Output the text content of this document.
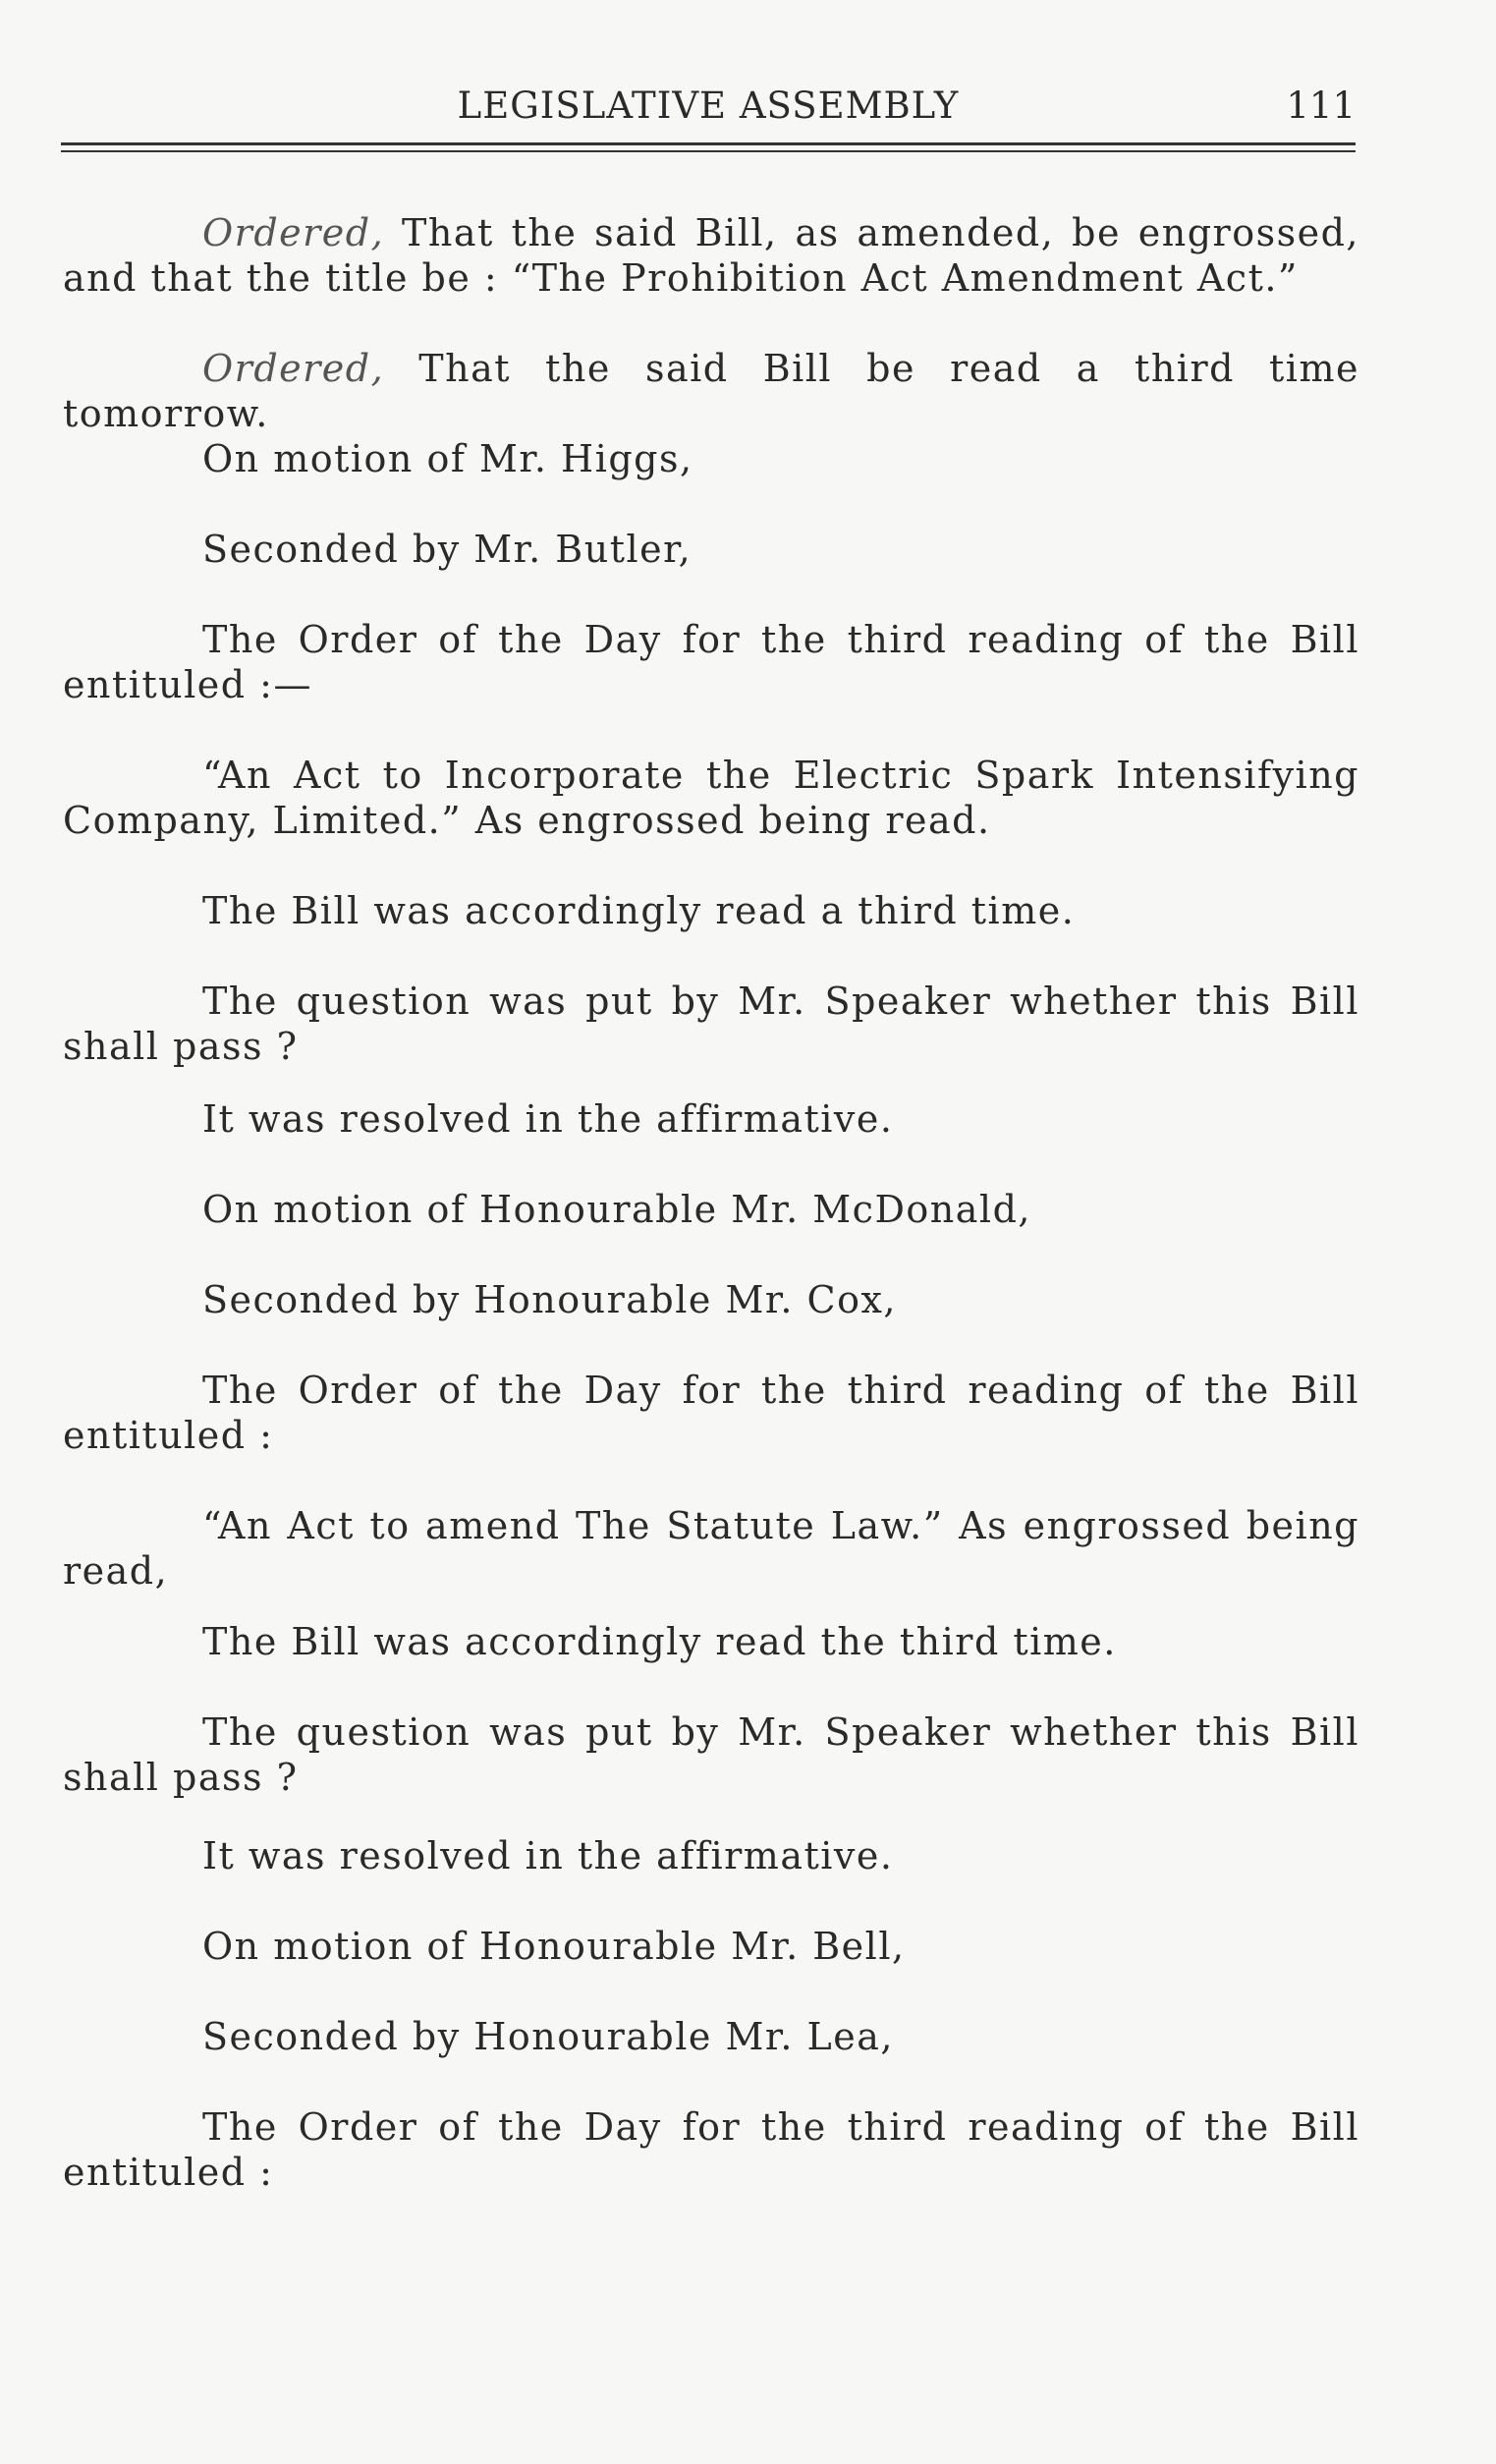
LEGISLATIVE ASSEMBLY	111
Ordered, That the said Bill, as amended, be engrossed,
and that the title be : “The Prohibition Act Amendment Act.”
Ordered, That the said Bill be read a third time tomorrow.
On motion of Mr. Higgs,
Seconded by Mr. Butler,
The Order of the Day for the third reading of the Bill
entituled :—
“An Act to Incorporate the Electric Spark Intensifying
Company, Limited.” As engrossed being read.
The Bill was accordingly read a third time.
The question was put by Mr. Speaker whether this Bill
shall pass ?
It was resolved in the affirmative.
On motion of Honourable Mr. McDonald,
Seconded by Honourable Mr. Cox,
The Order of the Day for the third reading of the Bill
entituled :
“An Act to amend The Statute Law.” As engrossed being
read,
The Bill was accordingly read the third time.
The question was put by Mr. Speaker whether this Bill
shall pass ?
It was resolved in the affirmative.
On motion of Honourable Mr. Bell,
Seconded by Honourable Mr. Lea,
The Order of the Day for the third reading of the Bill
entituled :
